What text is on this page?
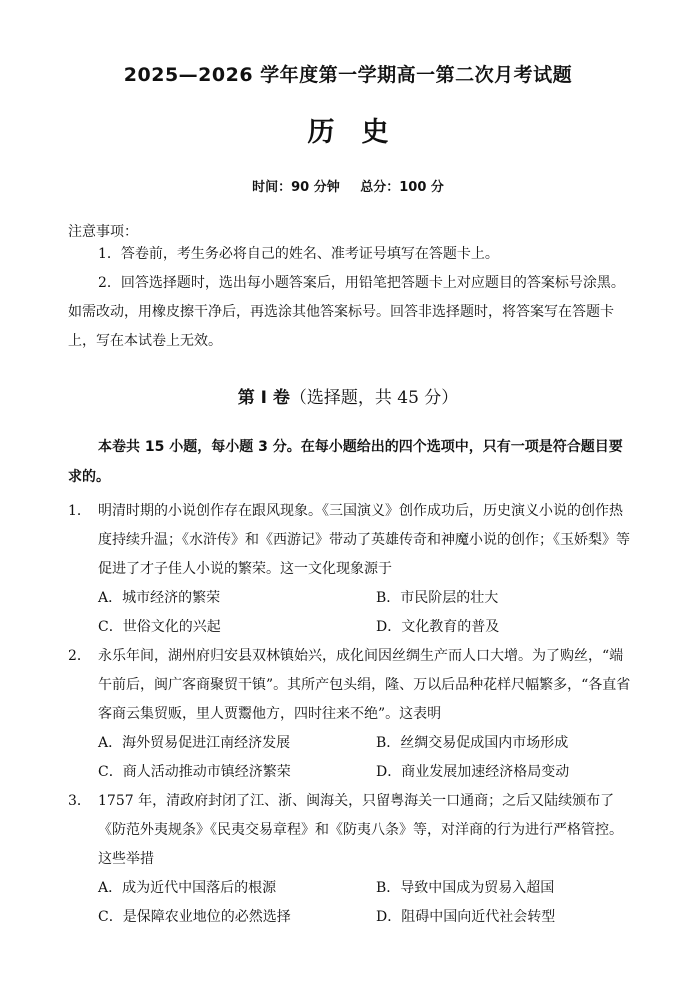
2025—2026 学年度第一学期高一第二次月考试题
历　史
时间：90 分钟 总分：100 分
注意事项：

1．答卷前，考生务必将自己的姓名、准考证号填写在答题卡上。

2．回答选择题时，选出每小题答案后，用铅笔把答题卡上对应题目的答案标号涂黑。如需改动，用橡皮擦干净后，再选涂其他答案标号。回答非选择题时，将答案写在答题卡上，写在本试卷上无效。

第 I 卷（选择题，共 45 分）
本卷共 15 小题，每小题 3 分。在每小题给出的四个选项中，只有一项是符合题目要求的。
1． 明清时期的小说创作存在跟风现象。《三国演义》创作成功后，历史演义小说的创作热度持续升温；《水浒传》和《西游记》带动了英雄传奇和神魔小说的创作；《玉娇梨》等促进了才子佳人小说的繁荣。这一文化现象源于
A．城市经济的繁荣	B．市民阶层的壮大
C．世俗文化的兴起	D．文化教育的普及
2． 永乐年间，湖州府归安县双林镇始兴，成化间因丝绸生产而人口大增。为了购丝，“端午前后，闽广客商聚贸干镇”。其所产包头绢，隆、万以后品种花样尺幅繁多，“各直省客商云集贸贩，里人贾鬻他方，四时往来不绝”。这表明
A．海外贸易促进江南经济发展	B．丝绸交易促成国内市场形成
C．商人活动推动市镇经济繁荣	D．商业发展加速经济格局变动
3． 1757 年，清政府封闭了江、浙、闽海关，只留粤海关一口通商；之后又陆续颁布了《防范外夷规条》《民夷交易章程》和《防夷八条》等，对洋商的行为进行严格管控。这些举措
A．成为近代中国落后的根源	B．导致中国成为贸易入超国
C．是保障农业地位的必然选择	D．阻碍中国向近代社会转型
